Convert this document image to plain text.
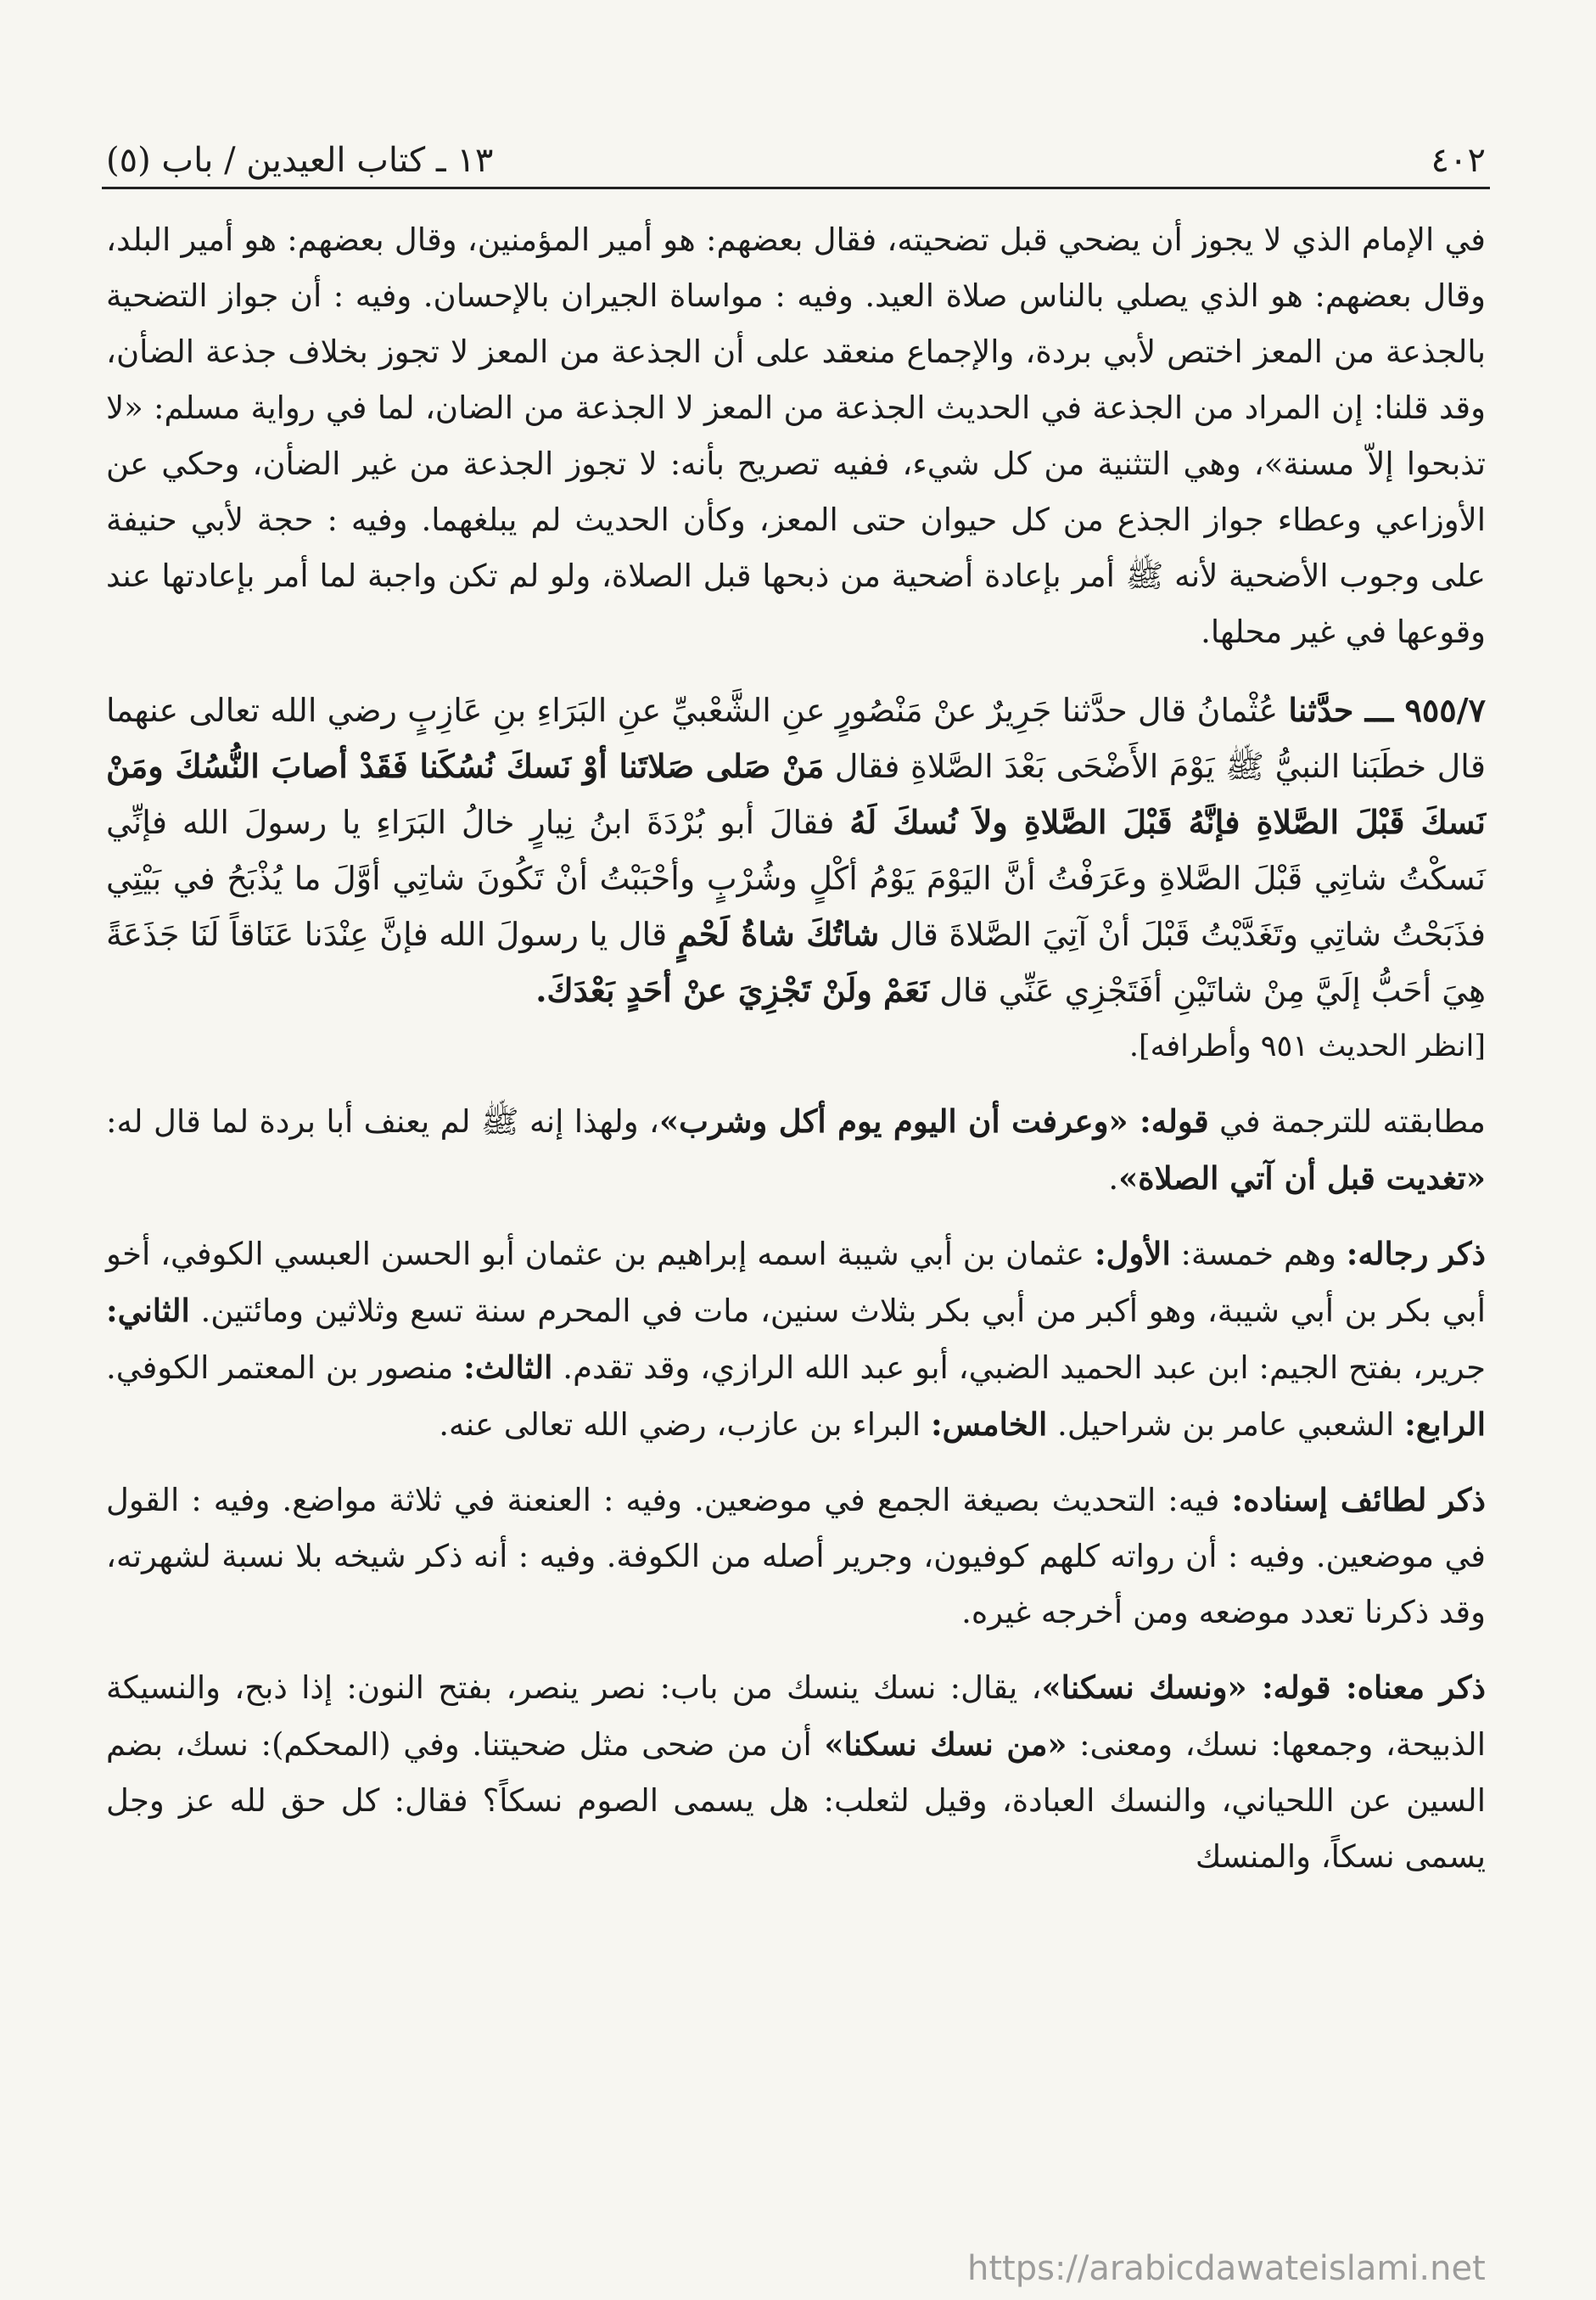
٤٠٢
١٣ ـ كتاب العيدين / باب (٥)

في الإمام الذي لا يجوز أن يضحي قبل تضحيته، فقال بعضهم: هو أمير المؤمنين، وقال بعضهم: هو أمير البلد، وقال بعضهم: هو الذي يصلي بالناس صلاة العيد. وفيه : مواساة الجيران بالإحسان. وفيه : أن جواز التضحية بالجذعة من المعز اختص لأبي بردة، والإجماع منعقد على أن الجذعة من المعز لا تجوز بخلاف جذعة الضأن، وقد قلنا: إن المراد من الجذعة في الحديث الجذعة من المعز لا الجذعة من الضان، لما في رواية مسلم: «لا تذبحوا إلاّ مسنة»، وهي التثنية من كل شيء، ففيه تصريح بأنه: لا تجوز الجذعة من غير الضأن، وحكي عن الأوزاعي وعطاء جواز الجذع من كل حيوان حتى المعز، وكأن الحديث لم يبلغهما. وفيه : حجة لأبي حنيفة على وجوب الأضحية لأنه ﷺ أمر بإعادة أضحية من ذبحها قبل الصلاة، ولو لم تكن واجبة لما أمر بإعادتها عند وقوعها في غير محلها.

٩٥٥/٧ ـــ حدَّثنا عُثْمانُ قال حدَّثنا جَرِيرٌ عنْ مَنْصُورٍ عنِ الشَّعْبيِّ عنِ البَرَاءِ بنِ عَازِبٍ رضي الله تعالى عنهما قال خطَبَنا النبيُّ ﷺ يَوْمَ الأَضْحَى بَعْدَ الصَّلاةِ فقال مَنْ صَلى صَلاتَنا أوْ نَسكَ نُسُكَنا فَقَدْ أصابَ النُّسُكَ ومَنْ نَسكَ قَبْلَ الصَّلاةِ فإنَّهُ قَبْلَ الصَّلاةِ ولاَ نُسكَ لَهُ فقالَ أبو بُرْدَةَ ابنُ نِيارٍ خالُ البَرَاءِ يا رسولَ الله فإنِّي نَسكْتُ شاتِي قَبْلَ الصَّلاةِ وعَرَفْتُ أنَّ اليَوْمَ يَوْمُ أكْلٍ وشُرْبٍ وأحْبَبْتُ أنْ تَكُونَ شاتِي أوَّلَ ما يُذْبَحُ في بَيْتِي فذَبَحْتُ شاتِي وتَغَدَّيْتُ قَبْلَ أنْ آتِيَ الصَّلاةَ قال شاتُكَ شاةُ لَحْمٍ قال يا رسولَ الله فإنَّ عِنْدَنا عَنَاقاً لَنَا جَذَعَةً هِيَ أحَبُّ إلَيَّ مِنْ شاتَيْنِ أفَتَجْزِي عَنِّي قال نَعَمْ ولَنْ تَجْزِيَ عنْ أحَدٍ بَعْدَكَ.

[انظر الحديث ٩٥١ وأطرافه].

مطابقته للترجمة في قوله: «وعرفت أن اليوم يوم أكل وشرب»، ولهذا إنه ﷺ لم يعنف أبا بردة لما قال له: «تغديت قبل أن آتي الصلاة».

ذكر رجاله: وهم خمسة: الأول: عثمان بن أبي شيبة اسمه إبراهيم بن عثمان أبو الحسن العبسي الكوفي، أخو أبي بكر بن أبي شيبة، وهو أكبر من أبي بكر بثلاث سنين، مات في المحرم سنة تسع وثلاثين ومائتين. الثاني: جرير، بفتح الجيم: ابن عبد الحميد الضبي، أبو عبد الله الرازي، وقد تقدم. الثالث: منصور بن المعتمر الكوفي. الرابع: الشعبي عامر بن شراحيل. الخامس: البراء بن عازب، رضي الله تعالى عنه.

ذكر لطائف إسناده: فيه: التحديث بصيغة الجمع في موضعين. وفيه : العنعنة في ثلاثة مواضع. وفيه : القول في موضعين. وفيه : أن رواته كلهم كوفيون، وجرير أصله من الكوفة. وفيه : أنه ذكر شيخه بلا نسبة لشهرته، وقد ذكرنا تعدد موضعه ومن أخرجه غيره.

ذكر معناه: قوله: «ونسك نسكنا»، يقال: نسك ينسك من باب: نصر ينصر، بفتح النون: إذا ذبح، والنسيكة الذبيحة، وجمعها: نسك، ومعنى: «من نسك نسكنا» أن من ضحى مثل ضحيتنا. وفي (المحكم): نسك، بضم السين عن اللحياني، والنسك العبادة، وقيل لثعلب: هل يسمى الصوم نسكاً؟ فقال: كل حق لله عز وجل يسمى نسكاً، والمنسك

https://arabicdawateislami.net
